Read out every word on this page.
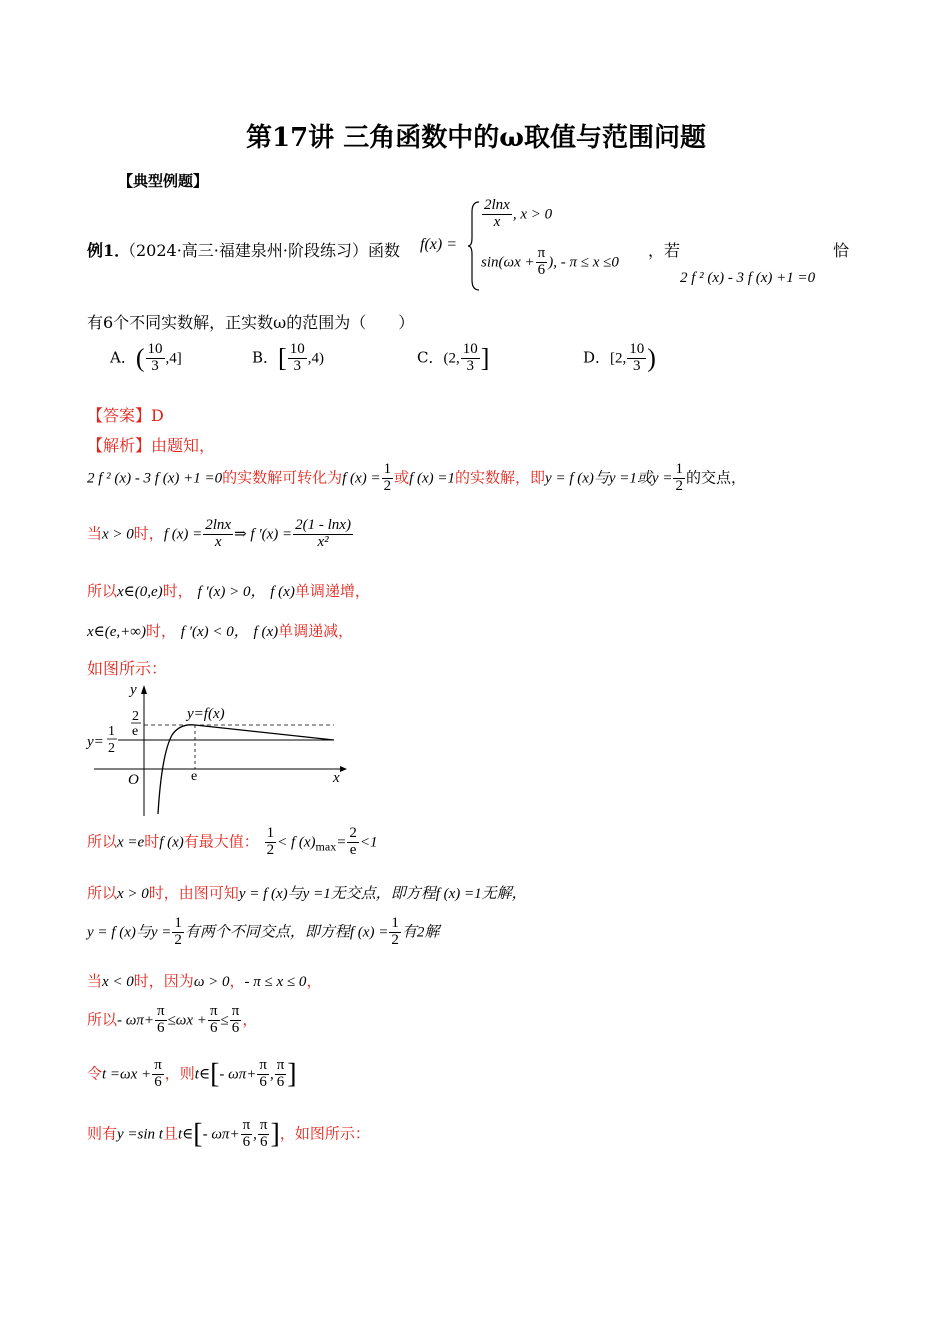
第17讲 三角函数中的ω取值与范围问题
【典型例题】
例1．
（2024·高三·福建泉州·阶段练习）函数 f(x) =
$\frac{2\ln x}{x}$ , x > 0
$\sin(\omega x + \frac{\pi}{6}$ ), - π ≤ x ≤0
，若	恰
2 f ² (x) - 3 f (x) +1 =0
有6个不同实数解，正实数ω的范围为（　　）
A．( $\frac{10}{3} ,4$]	B．[ $\frac{10}{3} ,4$)	C．(2, $\frac{10}{3}$ ]	D．[2, $\frac{10}{3}$ )
【答案】D
【解析】由题知，
2 f ² (x) - 3 f (x) +1 =0的实数解可转化为f $(x) = \frac{1}{2}$ 或f (x) =1的实数解，即y = f (x)与y =1或$y = \frac{1}{2}$ 的交点，
当x > 0时，f $(x) = \frac{2\ln x}{x}$ ⇒ f $'(x) = \frac{2(1 - \ln x)}{\text{x²}}$
所以x∈(0,e)时， f ′(x) > 0， f (x)单调递增，
x∈(e,+∞)时， f ′(x) < 0， f (x)单调递减，
如图所示：
y
x
O
y=f(x)
2
e
y=
1
2
e
所以x =e时f (x)有最大值： $\frac{1}{2} < f$ $(x)_{max}= \frac{2}{e} <1$
所以x > 0时，由图可知y = f (x)与y =1无交点，即方程f (x) =1无解，
y = f (x)与$y = \frac{1}{2}$ 有两个不同交点，即方程f $(x) = \frac{1}{2}$ 有2解
当x < 0时，因为ω > 0，- π ≤ x ≤ 0，
所以- $\omega\pi+ \frac{\pi}{6} \le\omega x + \frac{\pi}{6} \le \frac{\pi}{6}$ ，
令$t =\omega x + \frac{\pi}{6}$ ，则t∈[- $\omega\pi+ \frac{\pi}{6}$ , $\frac{\pi}{6}$ ]
则有y =sin t且t∈[- $\omega\pi+ \frac{\pi}{6}$ , $\frac{\pi}{6}$ ]，如图所示：
